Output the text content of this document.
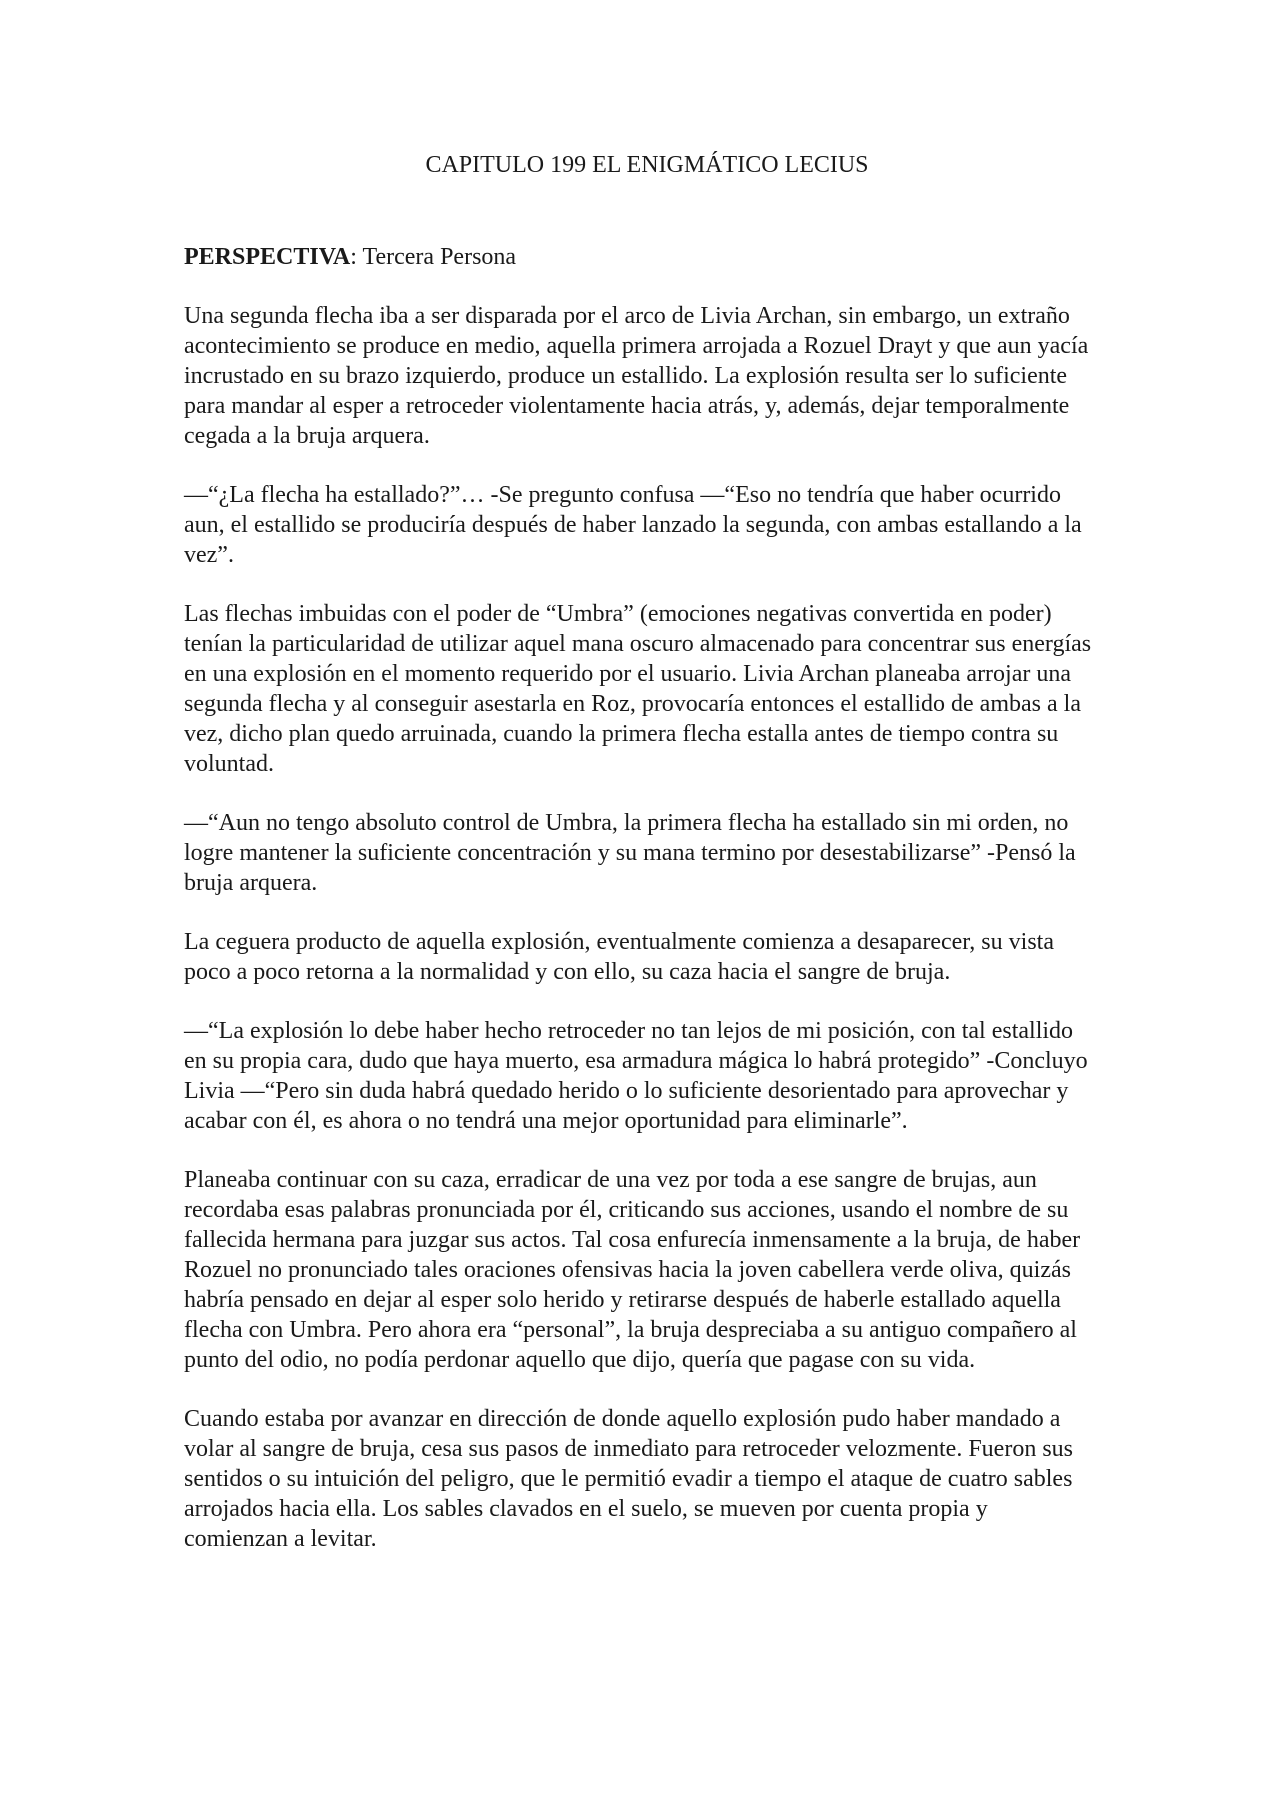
CAPITULO 199 EL ENIGMÁTICO LECIUS
PERSPECTIVA: Tercera Persona

Una segunda flecha iba a ser disparada por el arco de Livia Archan, sin embargo, un extraño acontecimiento se produce en medio, aquella primera arrojada a Rozuel Drayt y que aun yacía incrustado en su brazo izquierdo, produce un estallido. La explosión resulta ser lo suficiente para mandar al esper a retroceder violentamente hacia atrás, y, además, dejar temporalmente cegada a la bruja arquera.

—“¿La flecha ha estallado?”… -Se pregunto confusa —“Eso no tendría que haber ocurrido aun, el estallido se produciría después de haber lanzado la segunda, con ambas estallando a la vez”.

Las flechas imbuidas con el poder de “Umbra” (emociones negativas convertida en poder) tenían la particularidad de utilizar aquel mana oscuro almacenado para concentrar sus energías en una explosión en el momento requerido por el usuario. Livia Archan planeaba arrojar una segunda flecha y al conseguir asestarla en Roz, provocaría entonces el estallido de ambas a la vez, dicho plan quedo arruinada, cuando la primera flecha estalla antes de tiempo contra su voluntad.

—“Aun no tengo absoluto control de Umbra, la primera flecha ha estallado sin mi orden, no logre mantener la suficiente concentración y su mana termino por desestabilizarse” -Pensó la bruja arquera.

La ceguera producto de aquella explosión, eventualmente comienza a desaparecer, su vista poco a poco retorna a la normalidad y con ello, su caza hacia el sangre de bruja.

—“La explosión lo debe haber hecho retroceder no tan lejos de mi posición, con tal estallido en su propia cara, dudo que haya muerto, esa armadura mágica lo habrá protegido” -Concluyo Livia —“Pero sin duda habrá quedado herido o lo suficiente desorientado para aprovechar y acabar con él, es ahora o no tendrá una mejor oportunidad para eliminarle”.

Planeaba continuar con su caza, erradicar de una vez por toda a ese sangre de brujas, aun recordaba esas palabras pronunciada por él, criticando sus acciones, usando el nombre de su fallecida hermana para juzgar sus actos. Tal cosa enfurecía inmensamente a la bruja, de haber Rozuel no pronunciado tales oraciones ofensivas hacia la joven cabellera verde oliva, quizás habría pensado en dejar al esper solo herido y retirarse después de haberle estallado aquella flecha con Umbra. Pero ahora era “personal”, la bruja despreciaba a su antiguo compañero al punto del odio, no podía perdonar aquello que dijo, quería que pagase con su vida.

Cuando estaba por avanzar en dirección de donde aquello explosión pudo haber mandado a volar al sangre de bruja, cesa sus pasos de inmediato para retroceder velozmente. Fueron sus sentidos o su intuición del peligro, que le permitió evadir a tiempo el ataque de cuatro sables arrojados hacia ella. Los sables clavados en el suelo, se mueven por cuenta propia y comienzan a levitar.
